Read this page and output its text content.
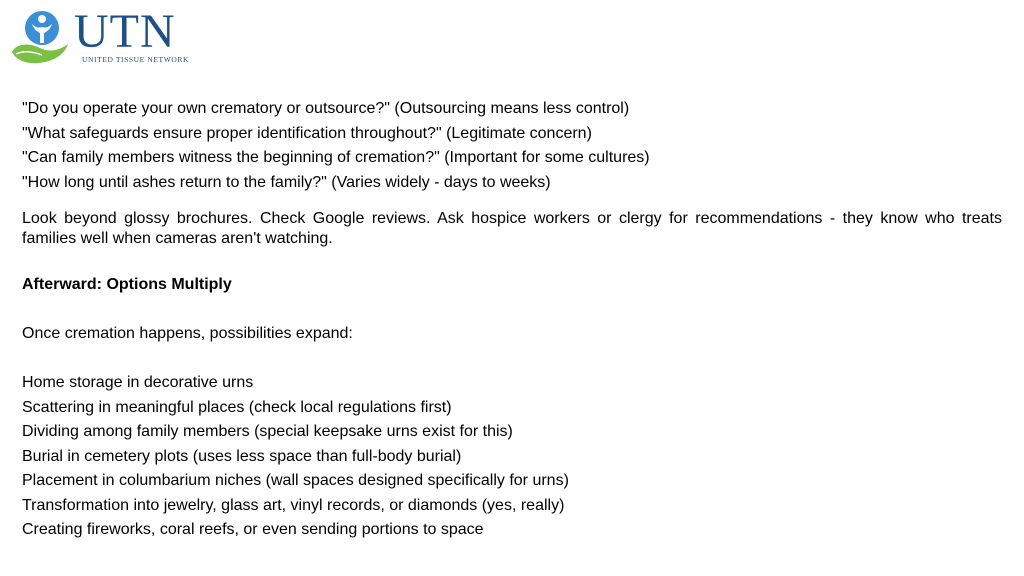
UTN
UNITED TISSUE NETWORK
"Do you operate your own crematory or outsource?" (Outsourcing means less control)
"What safeguards ensure proper identification throughout?" (Legitimate concern)
"Can family members witness the beginning of cremation?" (Important for some cultures)
"How long until ashes return to the family?" (Varies widely - days to weeks)
Look beyond glossy brochures. Check Google reviews. Ask hospice workers or clergy for recommendations - they know who treats families well when cameras aren't watching.
Afterward: Options Multiply
Once cremation happens, possibilities expand:
Home storage in decorative urns
Scattering in meaningful places (check local regulations first)
Dividing among family members (special keepsake urns exist for this)
Burial in cemetery plots (uses less space than full-body burial)
Placement in columbarium niches (wall spaces designed specifically for urns)
Transformation into jewelry, glass art, vinyl records, or diamonds (yes, really)
Creating fireworks, coral reefs, or even sending portions to space
